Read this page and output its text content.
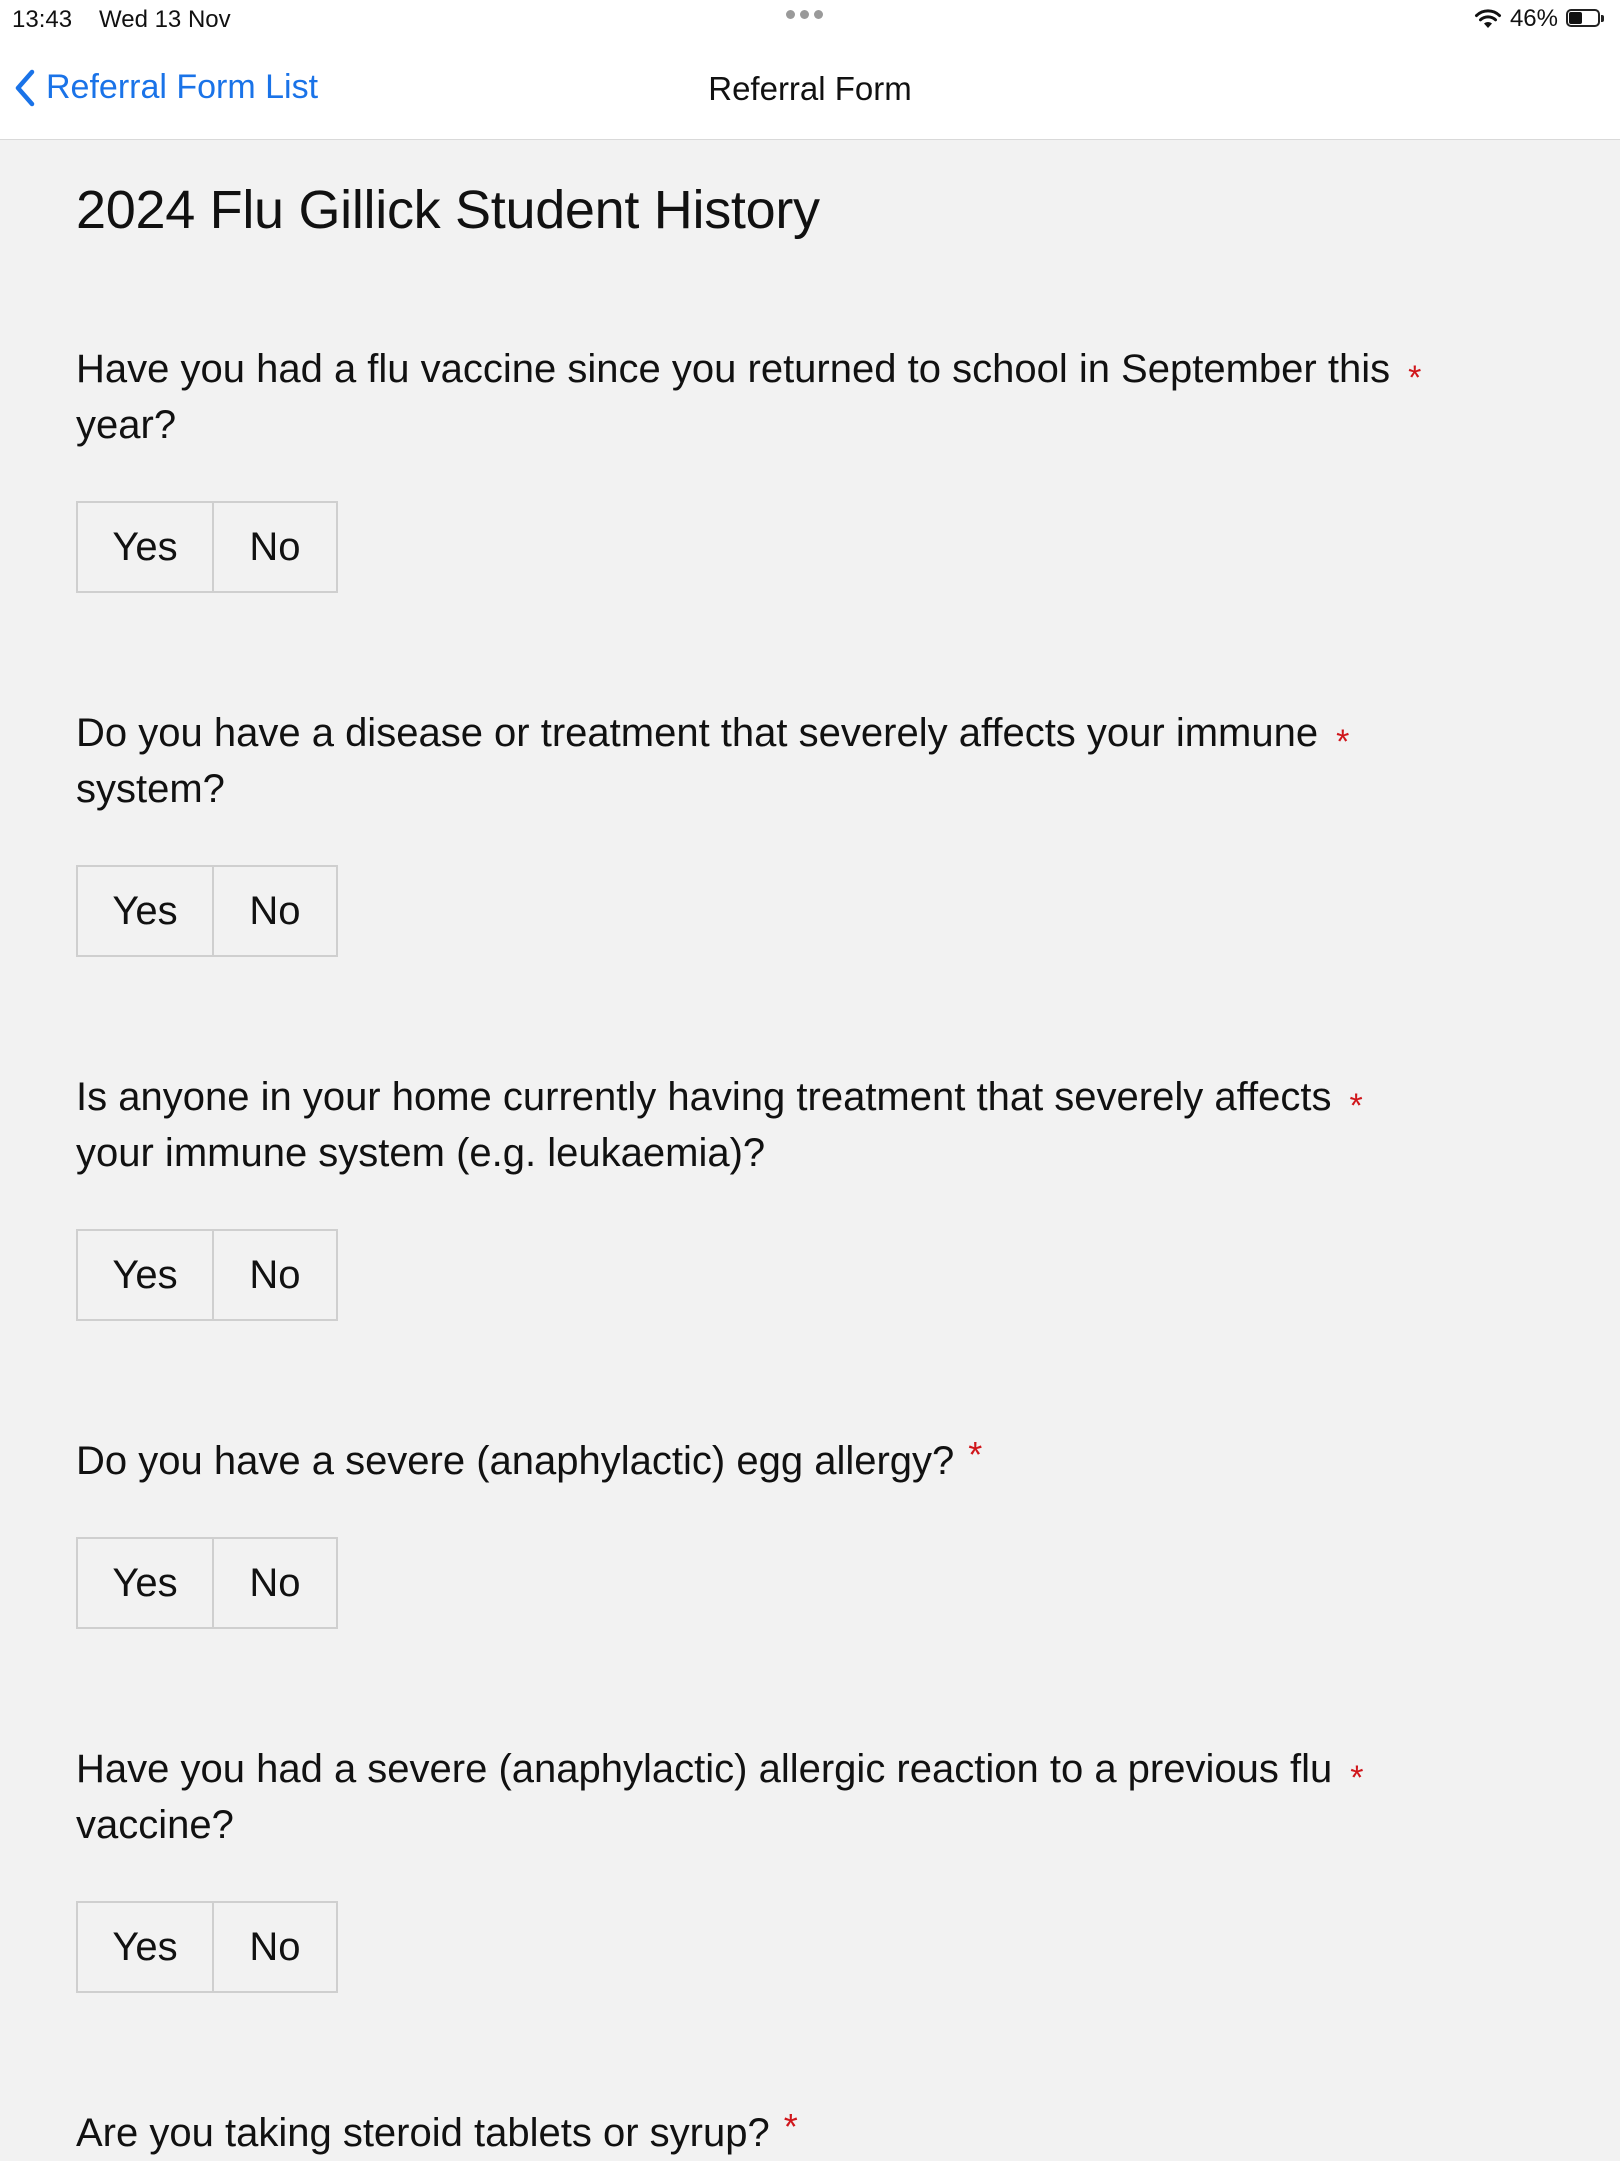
13:43 Wed 13 Nov	46%
Referral Form List	Referral Form
2024 Flu Gillick Student History

Have you had a flu vaccine since you returned to school in September this
year?

*
Yes	No

Do you have a disease or treatment that severely affects your immune
system?

*
Yes	No

Is anyone in your home currently having treatment that severely affects
your immune system (e.g. leukaemia)?

*
Yes	No

Do you have a severe (anaphylactic) egg allergy? *
Yes	No

Have you had a severe (anaphylactic) allergic reaction to a previous flu
vaccine?

*
Yes	No

Are you taking steroid tablets or syrup? *
